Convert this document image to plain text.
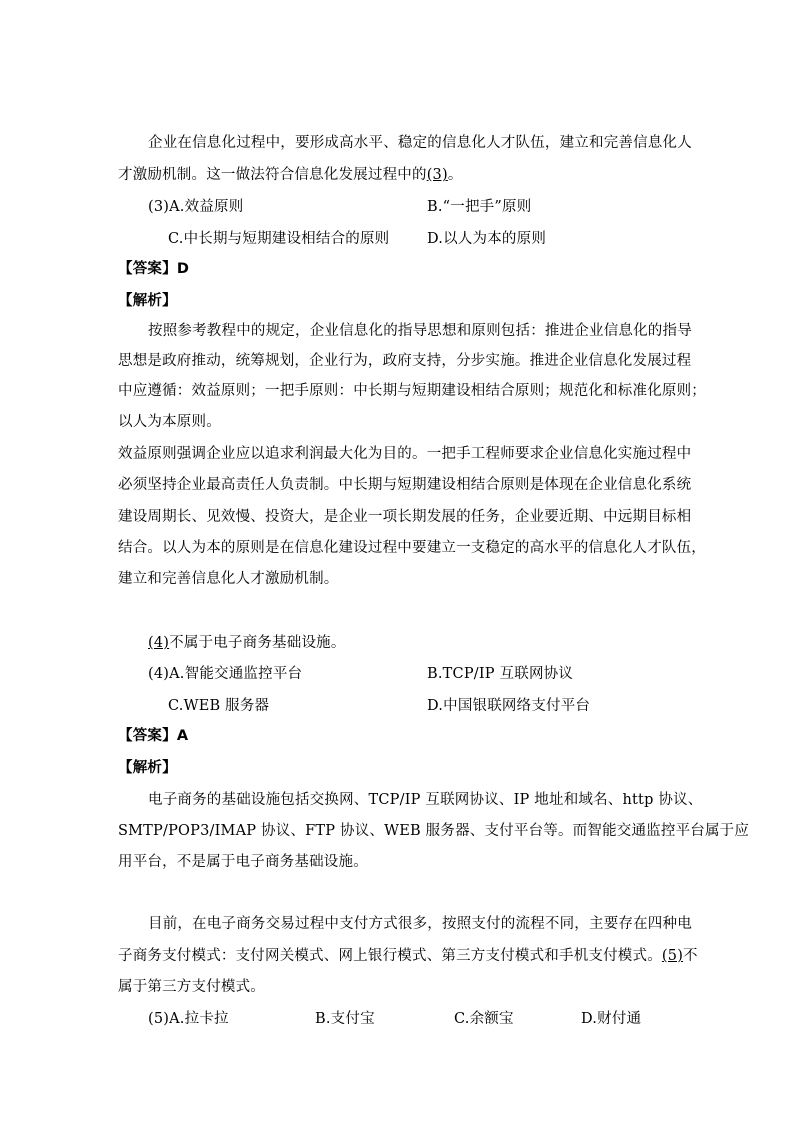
企业在信息化过程中，要形成高水平、稳定的信息化人才队伍，建立和完善信息化人
才激励机制。这一做法符合信息化发展过程中的(3)。
(3)A.效益原则	B.“一把手”原则
C.中长期与短期建设相结合的原则	D.以人为本的原则
【答案】D
【解析】
按照参考教程中的规定，企业信息化的指导思想和原则包括：推进企业信息化的指导
思想是政府推动，统筹规划，企业行为，政府支持，分步实施。推进企业信息化发展过程
中应遵循：效益原则；一把手原则：中长期与短期建设相结合原则；规范化和标准化原则；
以人为本原则。
效益原则强调企业应以追求利润最大化为目的。一把手工程师要求企业信息化实施过程中
必须坚持企业最高责任人负责制。中长期与短期建设相结合原则是体现在企业信息化系统
建设周期长、见效慢、投资大，是企业一项长期发展的任务，企业要近期、中远期目标相
结合。以人为本的原则是在信息化建设过程中要建立一支稳定的高水平的信息化人才队伍，
建立和完善信息化人才激励机制。
(4)不属于电子商务基础设施。
(4)A.智能交通监控平台	B.TCP/IP 互联网协议
C.WEB 服务器	D.中国银联网络支付平台
【答案】A
【解析】
电子商务的基础设施包括交换网、TCP/IP 互联网协议、IP 地址和域名、http 协议、
SMTP/POP3/IMAP 协议、FTP 协议、WEB 服务器、支付平台等。而智能交通监控平台属于应
用平台，不是属于电子商务基础设施。
目前，在电子商务交易过程中支付方式很多，按照支付的流程不同，主要存在四种电
子商务支付模式：支付网关模式、网上银行模式、第三方支付模式和手机支付模式。(5)不
属于第三方支付模式。
(5)A.拉卡拉	B.支付宝	C.余额宝	D.财付通
